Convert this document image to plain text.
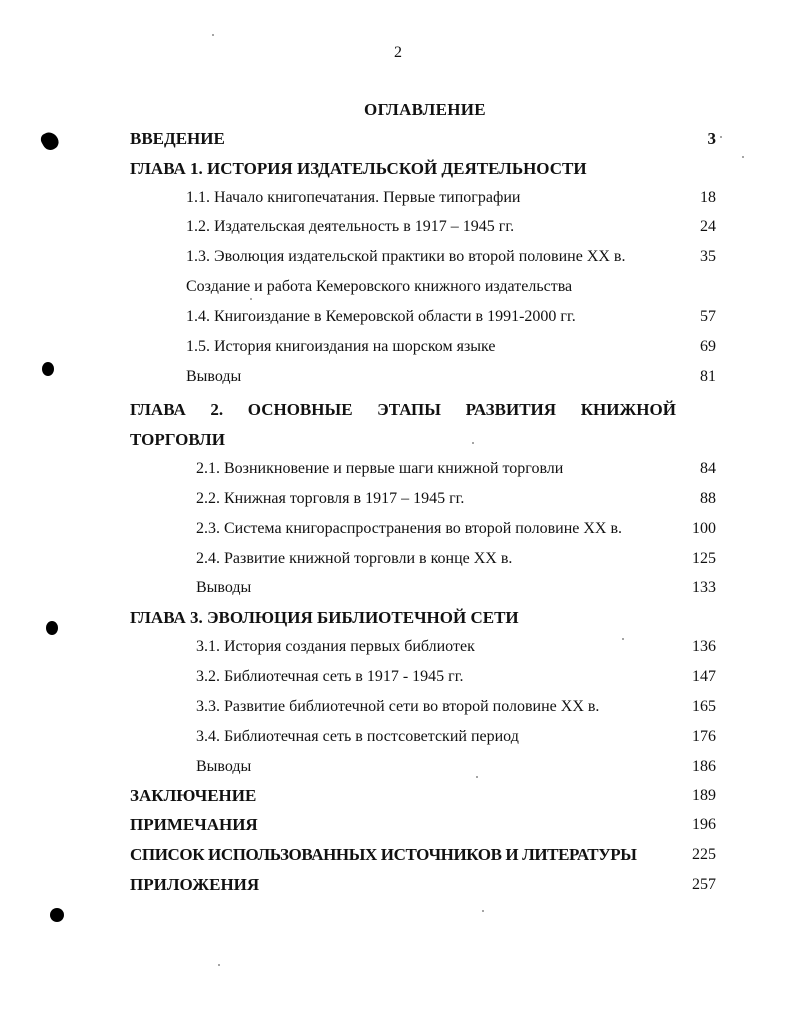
2
ОГЛАВЛЕНИЕ
ВВЕДЕНИЕ	3
ГЛАВА 1. ИСТОРИЯ ИЗДАТЕЛЬСКОЙ ДЕЯТЕЛЬНОСТИ
1.1. Начало книгопечатания. Первые типографии	18
1.2. Издательская деятельность в 1917 – 1945 гг.	24
1.3. Эволюция издательской практики во второй половине XX в.	35
Создание и работа Кемеровского книжного издательства
1.4. Книгоиздание в Кемеровской области в 1991-2000 гг.	57
1.5. История книгоиздания на шорском языке	69
Выводы	81
ГЛАВА 2. ОСНОВНЫЕ ЭТАПЫ РАЗВИТИЯ КНИЖНОЙ
ТОРГОВЛИ
2.1. Возникновение и первые шаги книжной торговли	84
2.2. Книжная торговля в 1917 – 1945 гг.	88
2.3. Система книгораспространения во второй половине XX в.	100
2.4. Развитие книжной торговли в конце XX в.	125
Выводы	133
ГЛАВА 3. ЭВОЛЮЦИЯ БИБЛИОТЕЧНОЙ СЕТИ
3.1. История создания первых библиотек	136
3.2. Библиотечная сеть в 1917 - 1945 гг.	147
3.3. Развитие библиотечной сети во второй половине XX в.	165
3.4. Библиотечная сеть в постсоветский период	176
Выводы	186
ЗАКЛЮЧЕНИЕ	189
ПРИМЕЧАНИЯ	196
СПИСОК ИСПОЛЬЗОВАННЫХ ИСТОЧНИКОВ И ЛИТЕРАТУРЫ	225
ПРИЛОЖЕНИЯ	257
